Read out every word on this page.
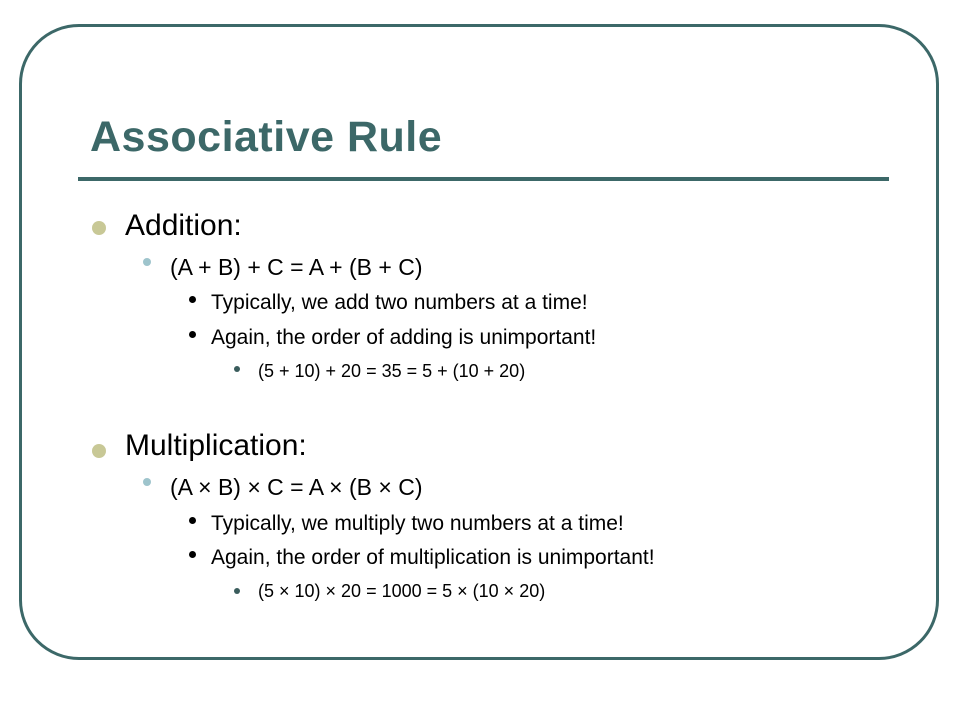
Associative Rule
Addition:
(A + B) + C = A + (B + C)
Typically, we add two numbers at a time!
Again, the order of adding is unimportant!
(5 + 10) + 20 = 35 = 5 + (10 + 20)
Multiplication:
(A × B) × C = A × (B × C)
Typically, we multiply two numbers at a time!
Again, the order of multiplication is unimportant!
(5 × 10) × 20 = 1000 = 5 × (10 × 20)
